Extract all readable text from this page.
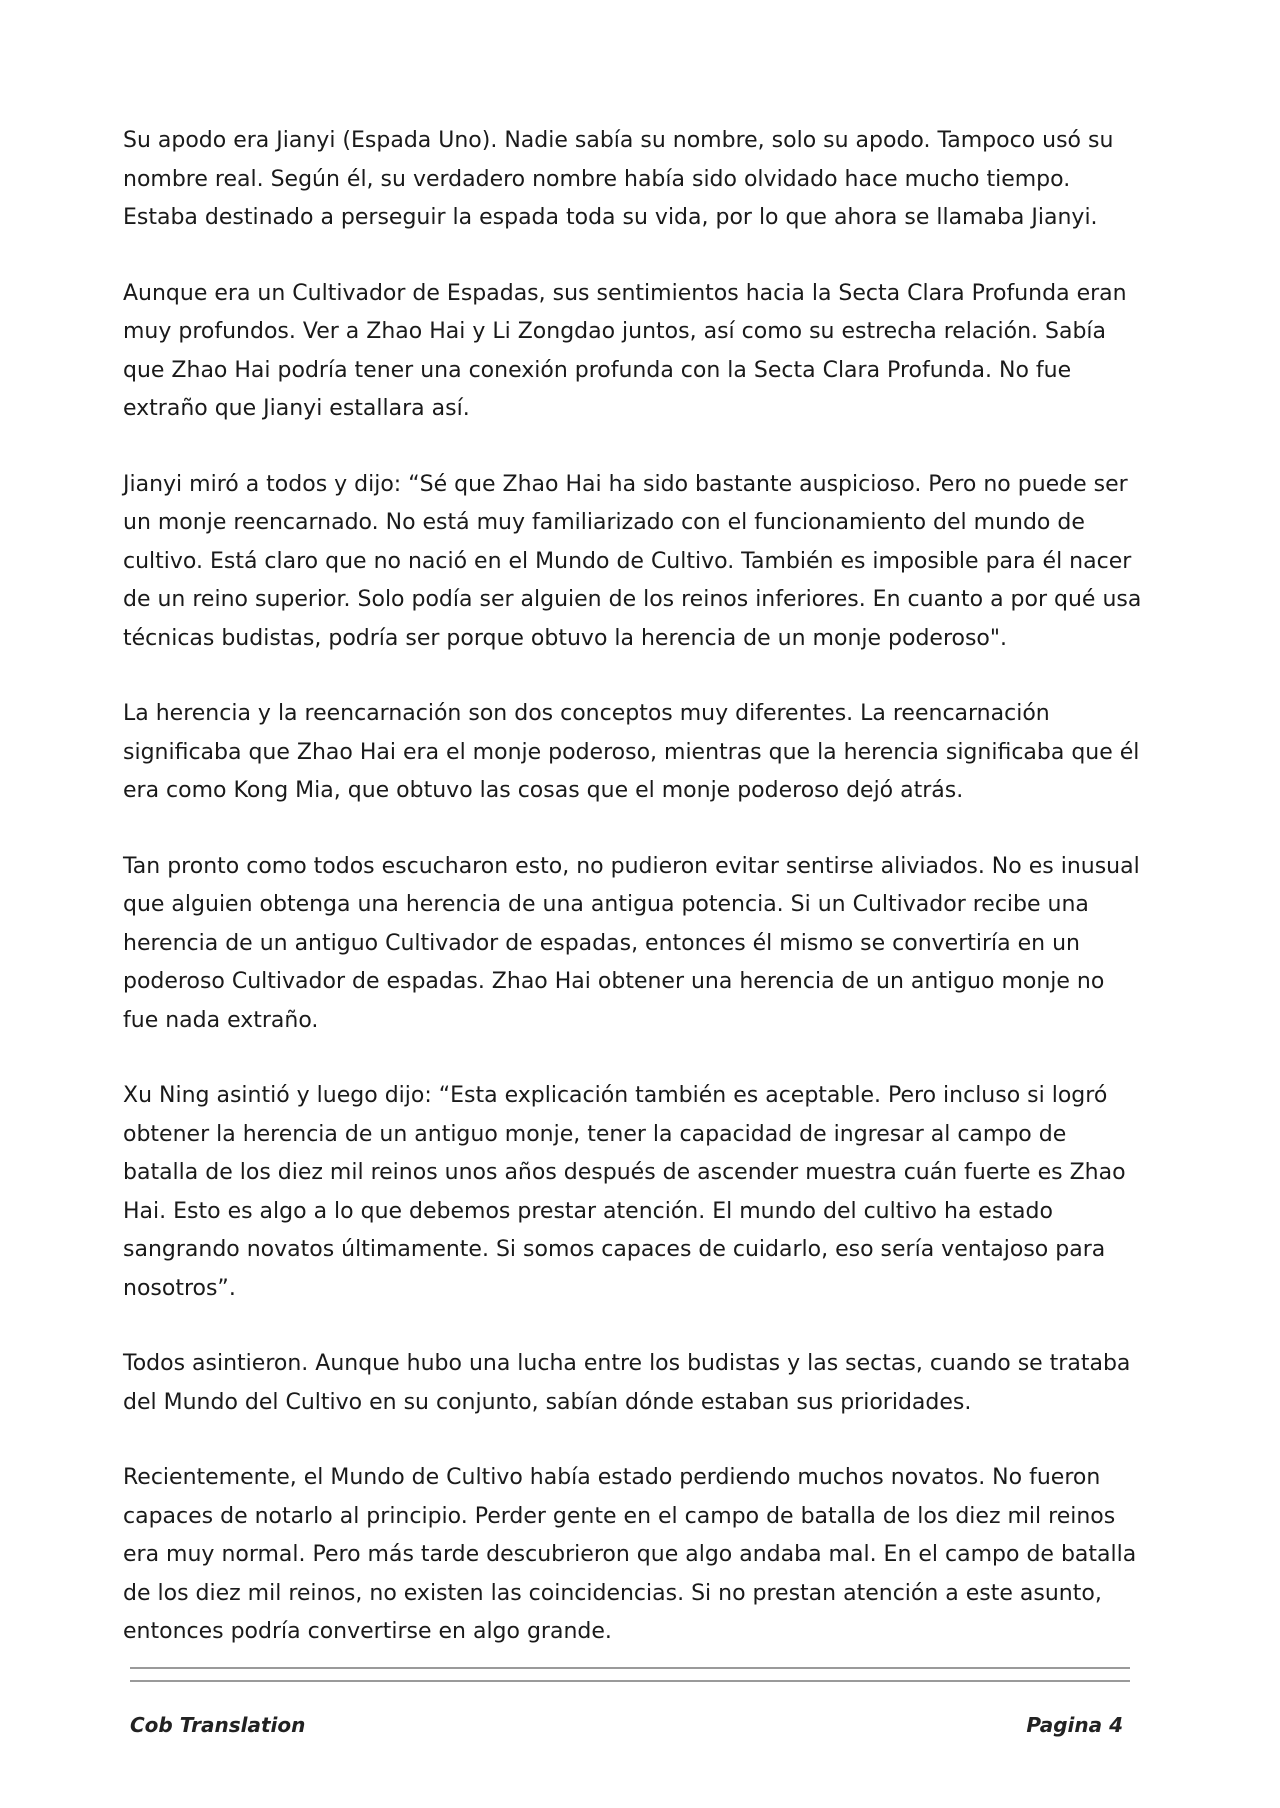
Su apodo era Jianyi (Espada Uno). Nadie sabía su nombre, solo su apodo. Tampoco usó su nombre real. Según él, su verdadero nombre había sido olvidado hace mucho tiempo. Estaba destinado a perseguir la espada toda su vida, por lo que ahora se llamaba Jianyi.

Aunque era un Cultivador de Espadas, sus sentimientos hacia la Secta Clara Profunda eran muy profundos. Ver a Zhao Hai y Li Zongdao juntos, así como su estrecha relación. Sabía que Zhao Hai podría tener una conexión profunda con la Secta Clara Profunda. No fue extraño que Jianyi estallara así.

Jianyi miró a todos y dijo: “Sé que Zhao Hai ha sido bastante auspicioso. Pero no puede ser un monje reencarnado. No está muy familiarizado con el funcionamiento del mundo de cultivo. Está claro que no nació en el Mundo de Cultivo. También es imposible para él nacer de un reino superior. Solo podía ser alguien de los reinos inferiores. En cuanto a por qué usa técnicas budistas, podría ser porque obtuvo la herencia de un monje poderoso".

La herencia y la reencarnación son dos conceptos muy diferentes. La reencarnación significaba que Zhao Hai era el monje poderoso, mientras que la herencia significaba que él era como Kong Mia, que obtuvo las cosas que el monje poderoso dejó atrás.

Tan pronto como todos escucharon esto, no pudieron evitar sentirse aliviados. No es inusual que alguien obtenga una herencia de una antigua potencia. Si un Cultivador recibe una herencia de un antiguo Cultivador de espadas, entonces él mismo se convertiría en un poderoso Cultivador de espadas. Zhao Hai obtener una herencia de un antiguo monje no fue nada extraño.

Xu Ning asintió y luego dijo: “Esta explicación también es aceptable. Pero incluso si logró obtener la herencia de un antiguo monje, tener la capacidad de ingresar al campo de batalla de los diez mil reinos unos años después de ascender muestra cuán fuerte es Zhao Hai. Esto es algo a lo que debemos prestar atención. El mundo del cultivo ha estado sangrando novatos últimamente. Si somos capaces de cuidarlo, eso sería ventajoso para nosotros”.

Todos asintieron. Aunque hubo una lucha entre los budistas y las sectas, cuando se trataba del Mundo del Cultivo en su conjunto, sabían dónde estaban sus prioridades.

Recientemente, el Mundo de Cultivo había estado perdiendo muchos novatos. No fueron capaces de notarlo al principio. Perder gente en el campo de batalla de los diez mil reinos era muy normal. Pero más tarde descubrieron que algo andaba mal. En el campo de batalla de los diez mil reinos, no existen las coincidencias. Si no prestan atención a este asunto, entonces podría convertirse en algo grande.

Cob Translation	Pagina 4
